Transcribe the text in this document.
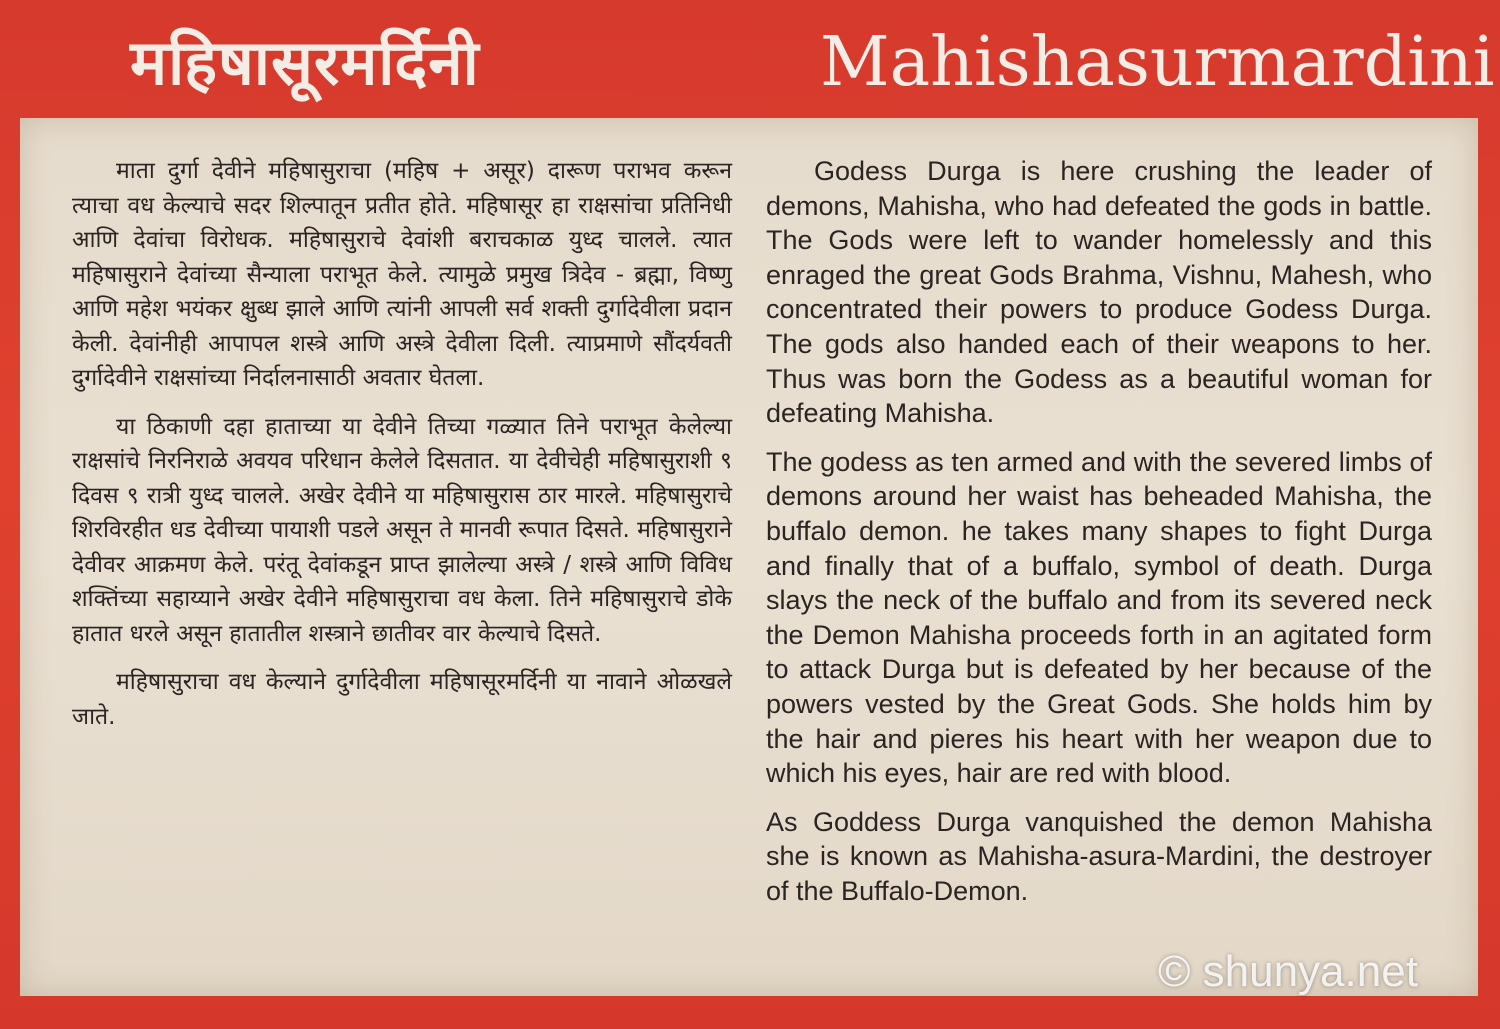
महिषासूरमर्दिनी	Mahishasurmardini

माता दुर्गा देवीने महिषासुराचा (महिष + असूर) दारूण पराभव करून त्याचा वध केल्याचे सदर शिल्पातून प्रतीत होते. महिषासूर हा राक्षसांचा प्रतिनिधी आणि देवांचा विरोधक. महिषासुराचे देवांशी बराचकाळ युध्द चालले. त्यात महिषासुराने देवांच्या सैन्याला पराभूत केले. त्यामुळे प्रमुख त्रिदेव - ब्रह्मा, विष्णु आणि महेश भयंकर क्षुब्ध झाले आणि त्यांनी आपली सर्व शक्ती दुर्गादेवीला प्रदान केली. देवांनीही आपापल शस्त्रे आणि अस्त्रे देवीला दिली. त्याप्रमाणे सौंदर्यवती दुर्गादेवीने राक्षसांच्या निर्दालनासाठी अवतार घेतला.

या ठिकाणी दहा हाताच्या या देवीने तिच्या गळ्यात तिने पराभूत केलेल्या राक्षसांचे निरनिराळे अवयव परिधान केलेले दिसतात. या देवीचेही महिषासुराशी ९ दिवस ९ रात्री युध्द चालले. अखेर देवीने या महिषासुरास ठार मारले. महिषासुराचे शिरविरहीत धड देवीच्या पायाशी पडले असून ते मानवी रूपात दिसते. महिषासुराने देवीवर आक्रमण केले. परंतू देवांकडून प्राप्त झालेल्या अस्त्रे / शस्त्रे आणि विविध शक्तिंच्या सहाय्याने अखेर देवीने महिषासुराचा वध केला. तिने महिषासुराचे डोके हातात धरले असून हातातील शस्त्राने छातीवर वार केल्याचे दिसते.

महिषासुराचा वध केल्याने दुर्गादेवीला महिषासूरमर्दिनी या नावाने ओळखले जाते.

Godess Durga is here crushing the leader of demons, Mahisha, who had defeated the gods in battle. The Gods were left to wander homelessly and this enraged the great Gods Brahma, Vishnu, Mahesh, who concentrated their powers to produce Godess Durga. The gods also handed each of their weapons to her. Thus was born the Godess as a beautiful woman for defeating Mahisha.

The godess as ten armed and with the severed limbs of demons around her waist has beheaded Mahisha, the buffalo demon. he takes many shapes to fight Durga and finally that of a buffalo, symbol of death. Durga slays the neck of the buffalo and from its severed neck the Demon Mahisha proceeds forth in an agitated form to attack Durga but is defeated by her because of the powers vested by the Great Gods. She holds him by the hair and pieres his heart with her weapon due to which his eyes, hair are red with blood.

As Goddess Durga vanquished the demon Mahisha she is known as Mahisha-asura-Mardini, the destroyer of the Buffalo-Demon.

© shunya.net
